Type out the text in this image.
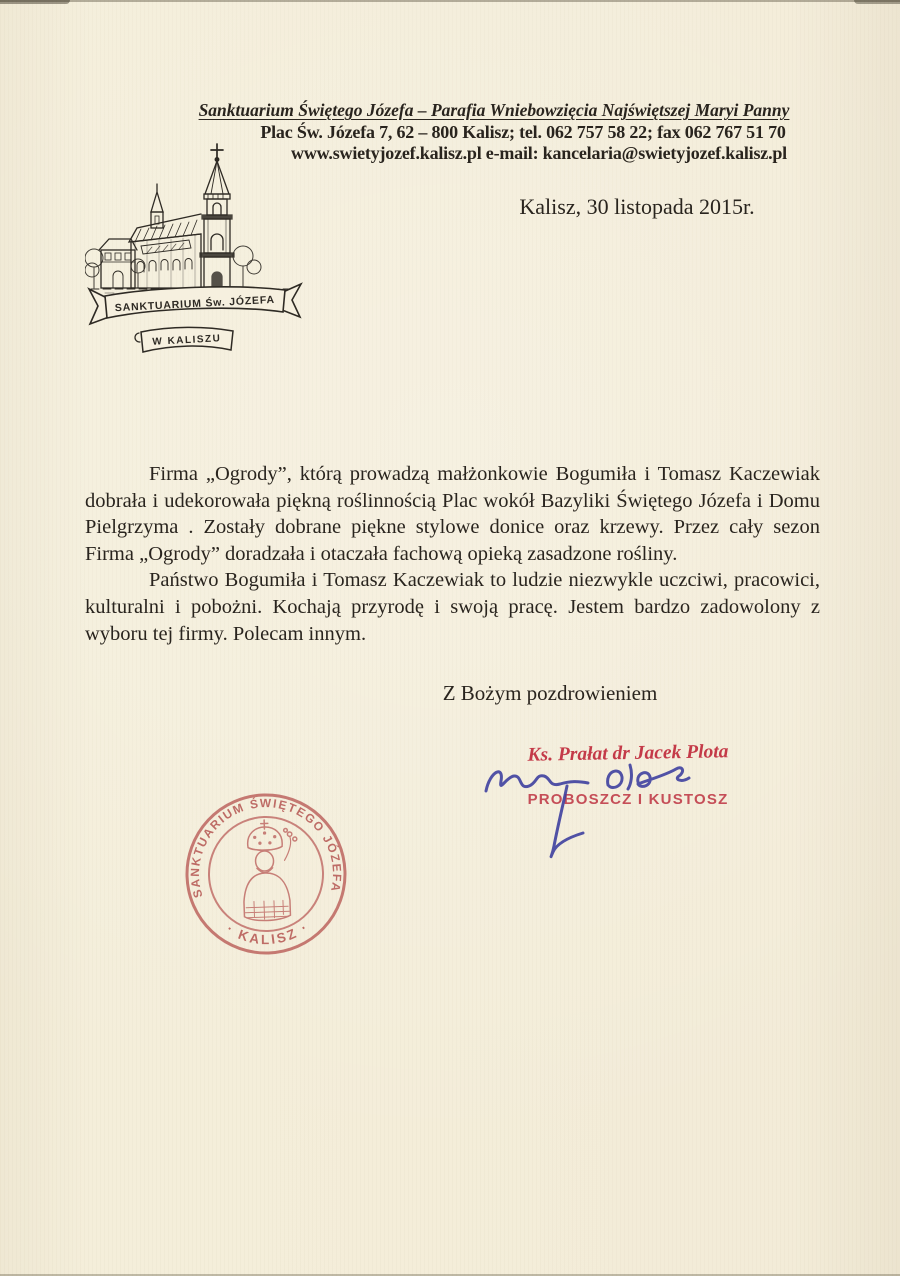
Sanktuarium Świętego Józefa – Parafia Wniebowzięcia Najświętszej Maryi Panny
Plac Św. Józefa 7, 62 – 800 Kalisz; tel. 062 757 58 22; fax 062 767 51 70
www.swietyjozef.kalisz.pl e-mail: kancelaria@swietyjozef.kalisz.pl
SANKTUARIUM Św. JÓZEFA
W KALISZU
Kalisz, 30 listopada 2015r.

Firma „Ogrody”, którą prowadzą małżonkowie Bogumiła i Tomasz Kaczewiak dobrała i udekorowała piękną roślinnością Plac wokół Bazyliki Świętego Józefa i Domu Pielgrzyma . Zostały dobrane piękne stylowe donice oraz krzewy. Przez cały sezon Firma „Ogrody” doradzała i otaczała fachową opieką zasadzone rośliny.

Państwo Bogumiła i Tomasz Kaczewiak to ludzie niezwykle uczciwi, pracowici, kulturalni i pobożni. Kochają przyrodę i swoją pracę. Jestem bardzo zadowolony z wyboru tej firmy. Polecam innym.

Z Bożym pozdrowieniem
Ks. Prałat dr Jacek Plota
PROBOSZCZ I KUSTOSZ
SANKTUARIUM ŚWIĘTEGO JÓZEFA
· KALISZ ·
